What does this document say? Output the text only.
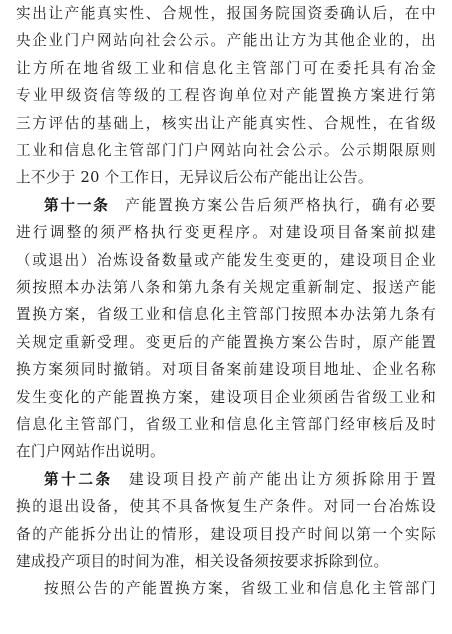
实出让产能真实性、合规性，报国务院国资委确认后，在中
央企业门户网站向社会公示。产能出让方为其他企业的，出
让方所在地省级工业和信息化主管部门可在委托具有冶金
专业甲级资信等级的工程咨询单位对产能置换方案进行第
三方评估的基础上，核实出让产能真实性、合规性，在省级
工业和信息化主管部门门户网站向社会公示。公示期限原则
上不少于 20 个工作日，无异议后公布产能出让公告。
第十一条 产能置换方案公告后须严格执行，确有必要
进行调整的须严格执行变更程序。对建设项目备案前拟建
（或退出）冶炼设备数量或产能发生变更的，建设项目企业
须按照本办法第八条和第九条有关规定重新制定、报送产能
置换方案，省级工业和信息化主管部门按照本办法第九条有
关规定重新受理。变更后的产能置换方案公告时，原产能置
换方案须同时撤销。对项目备案前建设项目地址、企业名称
发生变化的产能置换方案，建设项目企业须函告省级工业和
信息化主管部门，省级工业和信息化主管部门经审核后及时
在门户网站作出说明。
第十二条 建设项目投产前产能出让方须拆除用于置
换的退出设备，使其不具备恢复生产条件。对同一台冶炼设
备的产能拆分出让的情形，建设项目投产时间以第一个实际
建成投产项目的时间为准，相关设备须按要求拆除到位。
按照公告的产能置换方案，省级工业和信息化主管部门
